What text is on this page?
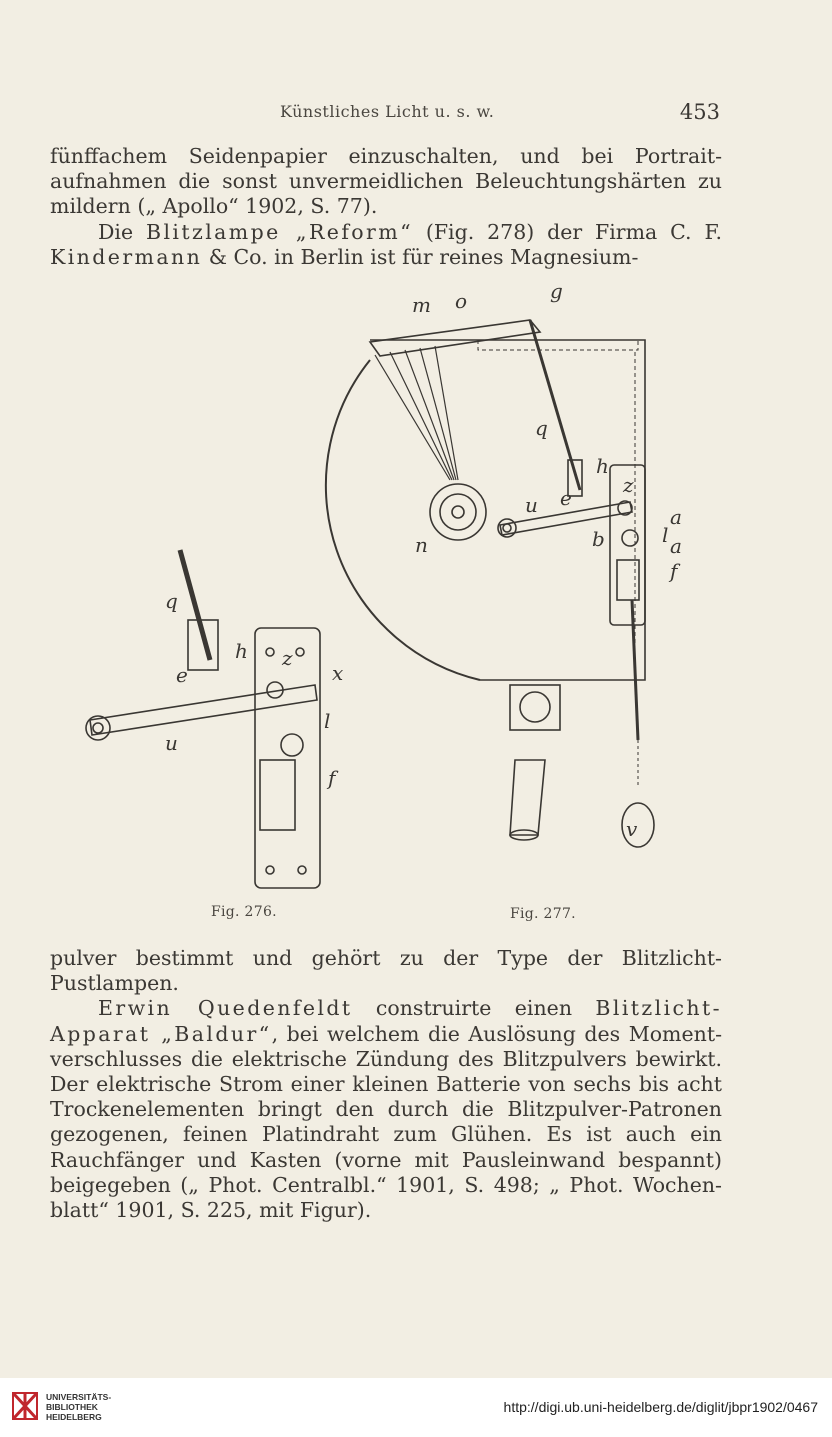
Künstliches Licht u. s. w.	453

fünffachem Seidenpapier einzuschalten, und bei Portrait-aufnahmen die sonst unvermeidlichen Beleuchtungshärten zu mildern („ Apollo“ 1902, S. 77).

Die Blitzlampe „Reform“ (Fig. 278) der Firma C. F. Kindermann & Co. in Berlin ist für reines Magnesium-

m o	g
q
h
z
u e
a
l a
b
f
n
v
q
h
e
z
x
u
l
f
Fig. 276.	Fig. 277.

pulver bestimmt und gehört zu der Type der Blitzlicht-Pustlampen.

Erwin Quedenfeldt construirte einen Blitzlicht-Apparat „Baldur“, bei welchem die Auslösung des Moment-verschlusses die elektrische Zündung des Blitzpulvers bewirkt. Der elektrische Strom einer kleinen Batterie von sechs bis acht Trockenelementen bringt den durch die Blitzpulver-Patronen gezogenen, feinen Platindraht zum Glühen. Es ist auch ein Rauchfänger und Kasten (vorne mit Pausleinwand bespannt) beigegeben („ Phot. Centralbl.“ 1901, S. 498; „ Phot. Wochen-blatt“ 1901, S. 225, mit Figur).

UNIVERSITÄTS-
BIBLIOTHEK
HEIDELBERG
http://digi.ub.uni-heidelberg.de/diglit/jbpr1902/0467
